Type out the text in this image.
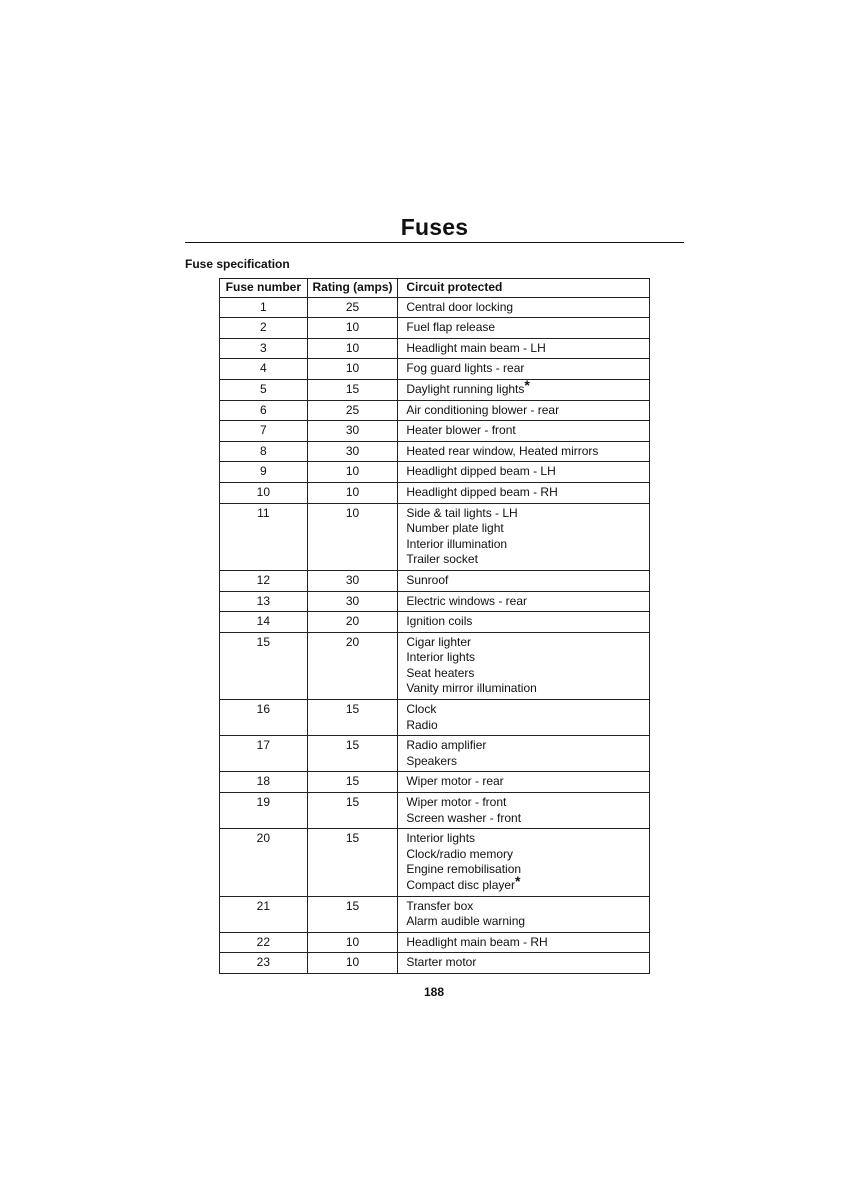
Fuses
Fuse specification
Fuse number	Rating (amps)	Circuit protected
1	25	Central door locking

2	10	Fuel flap release

3	10	Headlight main beam - LH

4	10	Fog guard lights - rear

5	15	Daylight running lights*

6	25	Air conditioning blower - rear

7	30	Heater blower - front

8	30	Heated rear window, Heated mirrors

9	10	Headlight dipped beam - LH

10	10	Headlight dipped beam - RH

11	10	Side & tail lights - LH
Number plate light
Interior illumination
Trailer socket

12	30	Sunroof

13	30	Electric windows - rear

14	20	Ignition coils

15	20	Cigar lighter
Interior lights
Seat heaters
Vanity mirror illumination

16	15	Clock
Radio

17	15	Radio amplifier
Speakers

18	15	Wiper motor - rear

19	15	Wiper motor - front
Screen washer - front

20	15	Interior lights
Clock/radio memory
Engine remobilisation
Compact disc player*

21	15	Transfer box
Alarm audible warning

22	10	Headlight main beam - RH

23	10	Starter motor
188
